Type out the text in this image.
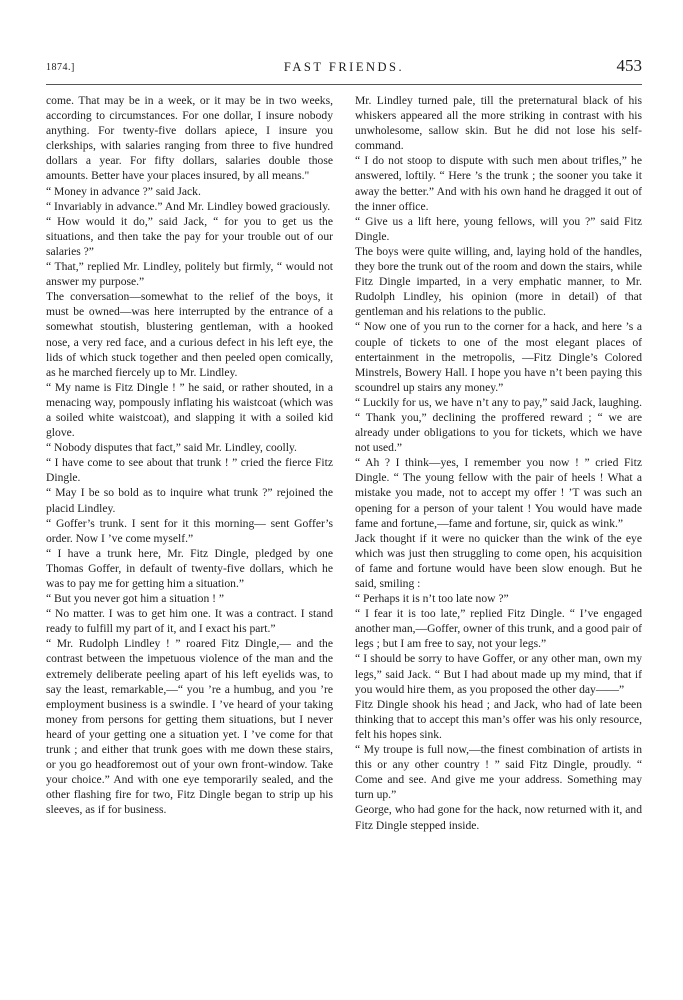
1874.]	FAST FRIENDS.	453

come. That may be in a week, or it may be in two weeks, according to circumstances. For one dollar, I insure nobody anything. For twenty-five dollars apiece, I insure you clerkships, with salaries ranging from three to five hundred dollars a year. For fifty dollars, salaries double those amounts. Better have your places insured, by all means."

“ Money in advance ?” said Jack.

“ Invariably in advance.” And Mr. Lindley bowed graciously.

“ How would it do,” said Jack, “ for you to get us the situations, and then take the pay for your trouble out of our salaries ?”

“ That,” replied Mr. Lindley, politely but firmly, “ would not answer my purpose.”

The conversation—somewhat to the relief of the boys, it must be owned—was here interrupted by the entrance of a somewhat stoutish, blustering gentleman, with a hooked nose, a very red face, and a curious defect in his left eye, the lids of which stuck together and then peeled open comically, as he marched fiercely up to Mr. Lindley.

“ My name is Fitz Dingle ! ” he said, or rather shouted, in a menacing way, pompously inflating his waistcoat (which was a soiled white waistcoat), and slapping it with a soiled kid glove.

“ Nobody disputes that fact,” said Mr. Lindley, coolly.

“ I have come to see about that trunk ! ” cried the fierce Fitz Dingle.

“ May I be so bold as to inquire what trunk ?” rejoined the placid Lindley.

“ Goffer’s trunk. I sent for it this morning— sent Goffer’s order. Now I ’ve come myself.”

“ I have a trunk here, Mr. Fitz Dingle, pledged by one Thomas Goffer, in default of twenty-five dollars, which he was to pay me for getting him a situation.”

“ But you never got him a situation ! ”

“ No matter. I was to get him one. It was a contract. I stand ready to fulfill my part of it, and I exact his part.”

“ Mr. Rudolph Lindley ! ” roared Fitz Dingle,— and the contrast between the impetuous violence of the man and the extremely deliberate peeling apart of his left eyelids was, to say the least, remarkable,—“ you ’re a humbug, and you ’re employment business is a swindle. I ’ve heard of your taking money from persons for getting them situations, but I never heard of your getting one a situation yet. I ’ve come for that trunk ; and either that trunk goes with me down these stairs, or you go headforemost out of your own front-window. Take your choice.” And with one eye temporarily sealed, and the other flashing fire for two, Fitz Dingle began to strip up his sleeves, as if for business.

Mr. Lindley turned pale, till the preternatural black of his whiskers appeared all the more striking in contrast with his unwholesome, sallow skin. But he did not lose his self-command.

“ I do not stoop to dispute with such men about trifles,” he answered, loftily. “ Here ’s the trunk ; the sooner you take it away the better.” And with his own hand he dragged it out of the inner office.

“ Give us a lift here, young fellows, will you ?” said Fitz Dingle.

The boys were quite willing, and, laying hold of the handles, they bore the trunk out of the room and down the stairs, while Fitz Dingle imparted, in a very emphatic manner, to Mr. Rudolph Lindley, his opinion (more in detail) of that gentleman and his relations to the public.

“ Now one of you run to the corner for a hack, and here ’s a couple of tickets to one of the most elegant places of entertainment in the metropolis, —Fitz Dingle’s Colored Minstrels, Bowery Hall. I hope you have n’t been paying this scoundrel up stairs any money.”

“ Luckily for us, we have n’t any to pay,” said Jack, laughing. “ Thank you,” declining the proffered reward ; “ we are already under obligations to you for tickets, which we have not used.”

“ Ah ? I think—yes, I remember you now ! ” cried Fitz Dingle. “ The young fellow with the pair of heels ! What a mistake you made, not to accept my offer ! ’T was such an opening for a person of your talent ! You would have made fame and fortune,—fame and fortune, sir, quick as wink.”

Jack thought if it were no quicker than the wink of the eye which was just then struggling to come open, his acquisition of fame and fortune would have been slow enough. But he said, smiling :

“ Perhaps it is n’t too late now ?”

“ I fear it is too late,” replied Fitz Dingle. “ I’ve engaged another man,—Goffer, owner of this trunk, and a good pair of legs ; but I am free to say, not your legs.”

“ I should be sorry to have Goffer, or any other man, own my legs,” said Jack. “ But I had about made up my mind, that if you would hire them, as you proposed the other day——”

Fitz Dingle shook his head ; and Jack, who had of late been thinking that to accept this man’s offer was his only resource, felt his hopes sink.

“ My troupe is full now,—the finest combination of artists in this or any other country ! ” said Fitz Dingle, proudly. “ Come and see. And give me your address. Something may turn up.”

George, who had gone for the hack, now returned with it, and Fitz Dingle stepped inside.
